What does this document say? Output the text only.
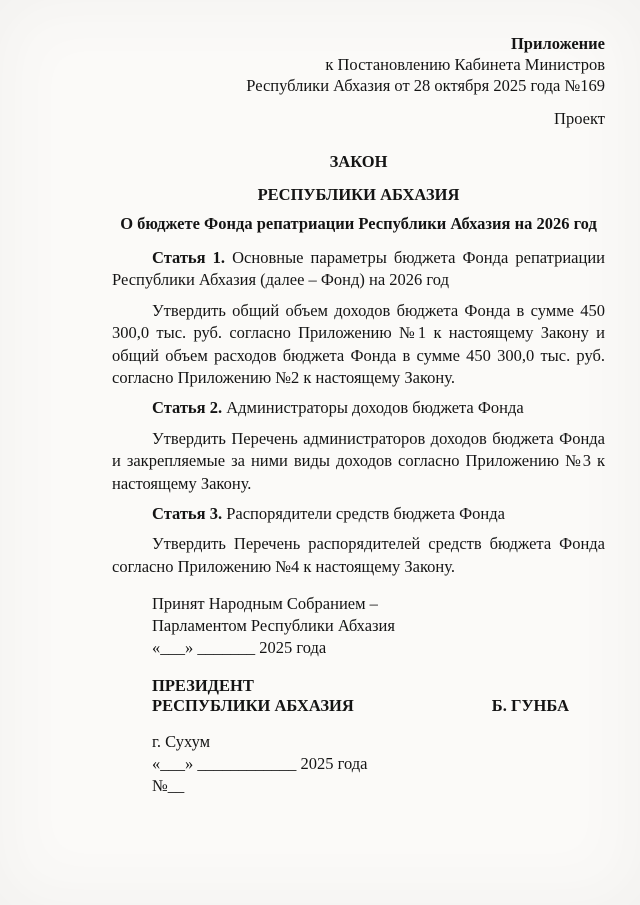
Приложение
к Постановлению Кабинета Министров
Республики Абхазия от 28 октября 2025 года №169
Проект
ЗАКОН
РЕСПУБЛИКИ АБХАЗИЯ
О бюджете Фонда репатриации Республики Абхазия на 2026 год

Статья 1. Основные параметры бюджета Фонда репатриации Республики Абхазия (далее – Фонд) на 2026 год

Утвердить общий объем доходов бюджета Фонда в сумме 450 300,0 тыс. руб. согласно Приложению №1 к настоящему Закону и общий объем расходов бюджета Фонда в сумме 450 300,0 тыс. руб. согласно Приложению №2 к настоящему Закону.

Статья 2. Администраторы доходов бюджета Фонда

Утвердить Перечень администраторов доходов бюджета Фонда и закрепляемые за ними виды доходов согласно Приложению №3 к настоящему Закону.

Статья 3. Распорядители средств бюджета Фонда

Утвердить Перечень распорядителей средств бюджета Фонда согласно Приложению №4 к настоящему Закону.

Принят Народным Собранием –
Парламентом Республики Абхазия
«___» _______ 2025 года
ПРЕЗИДЕНТ
РЕСПУБЛИКИ АБХАЗИЯ	Б. ГУНБА
г. Сухум
«___» ____________ 2025 года
№__
